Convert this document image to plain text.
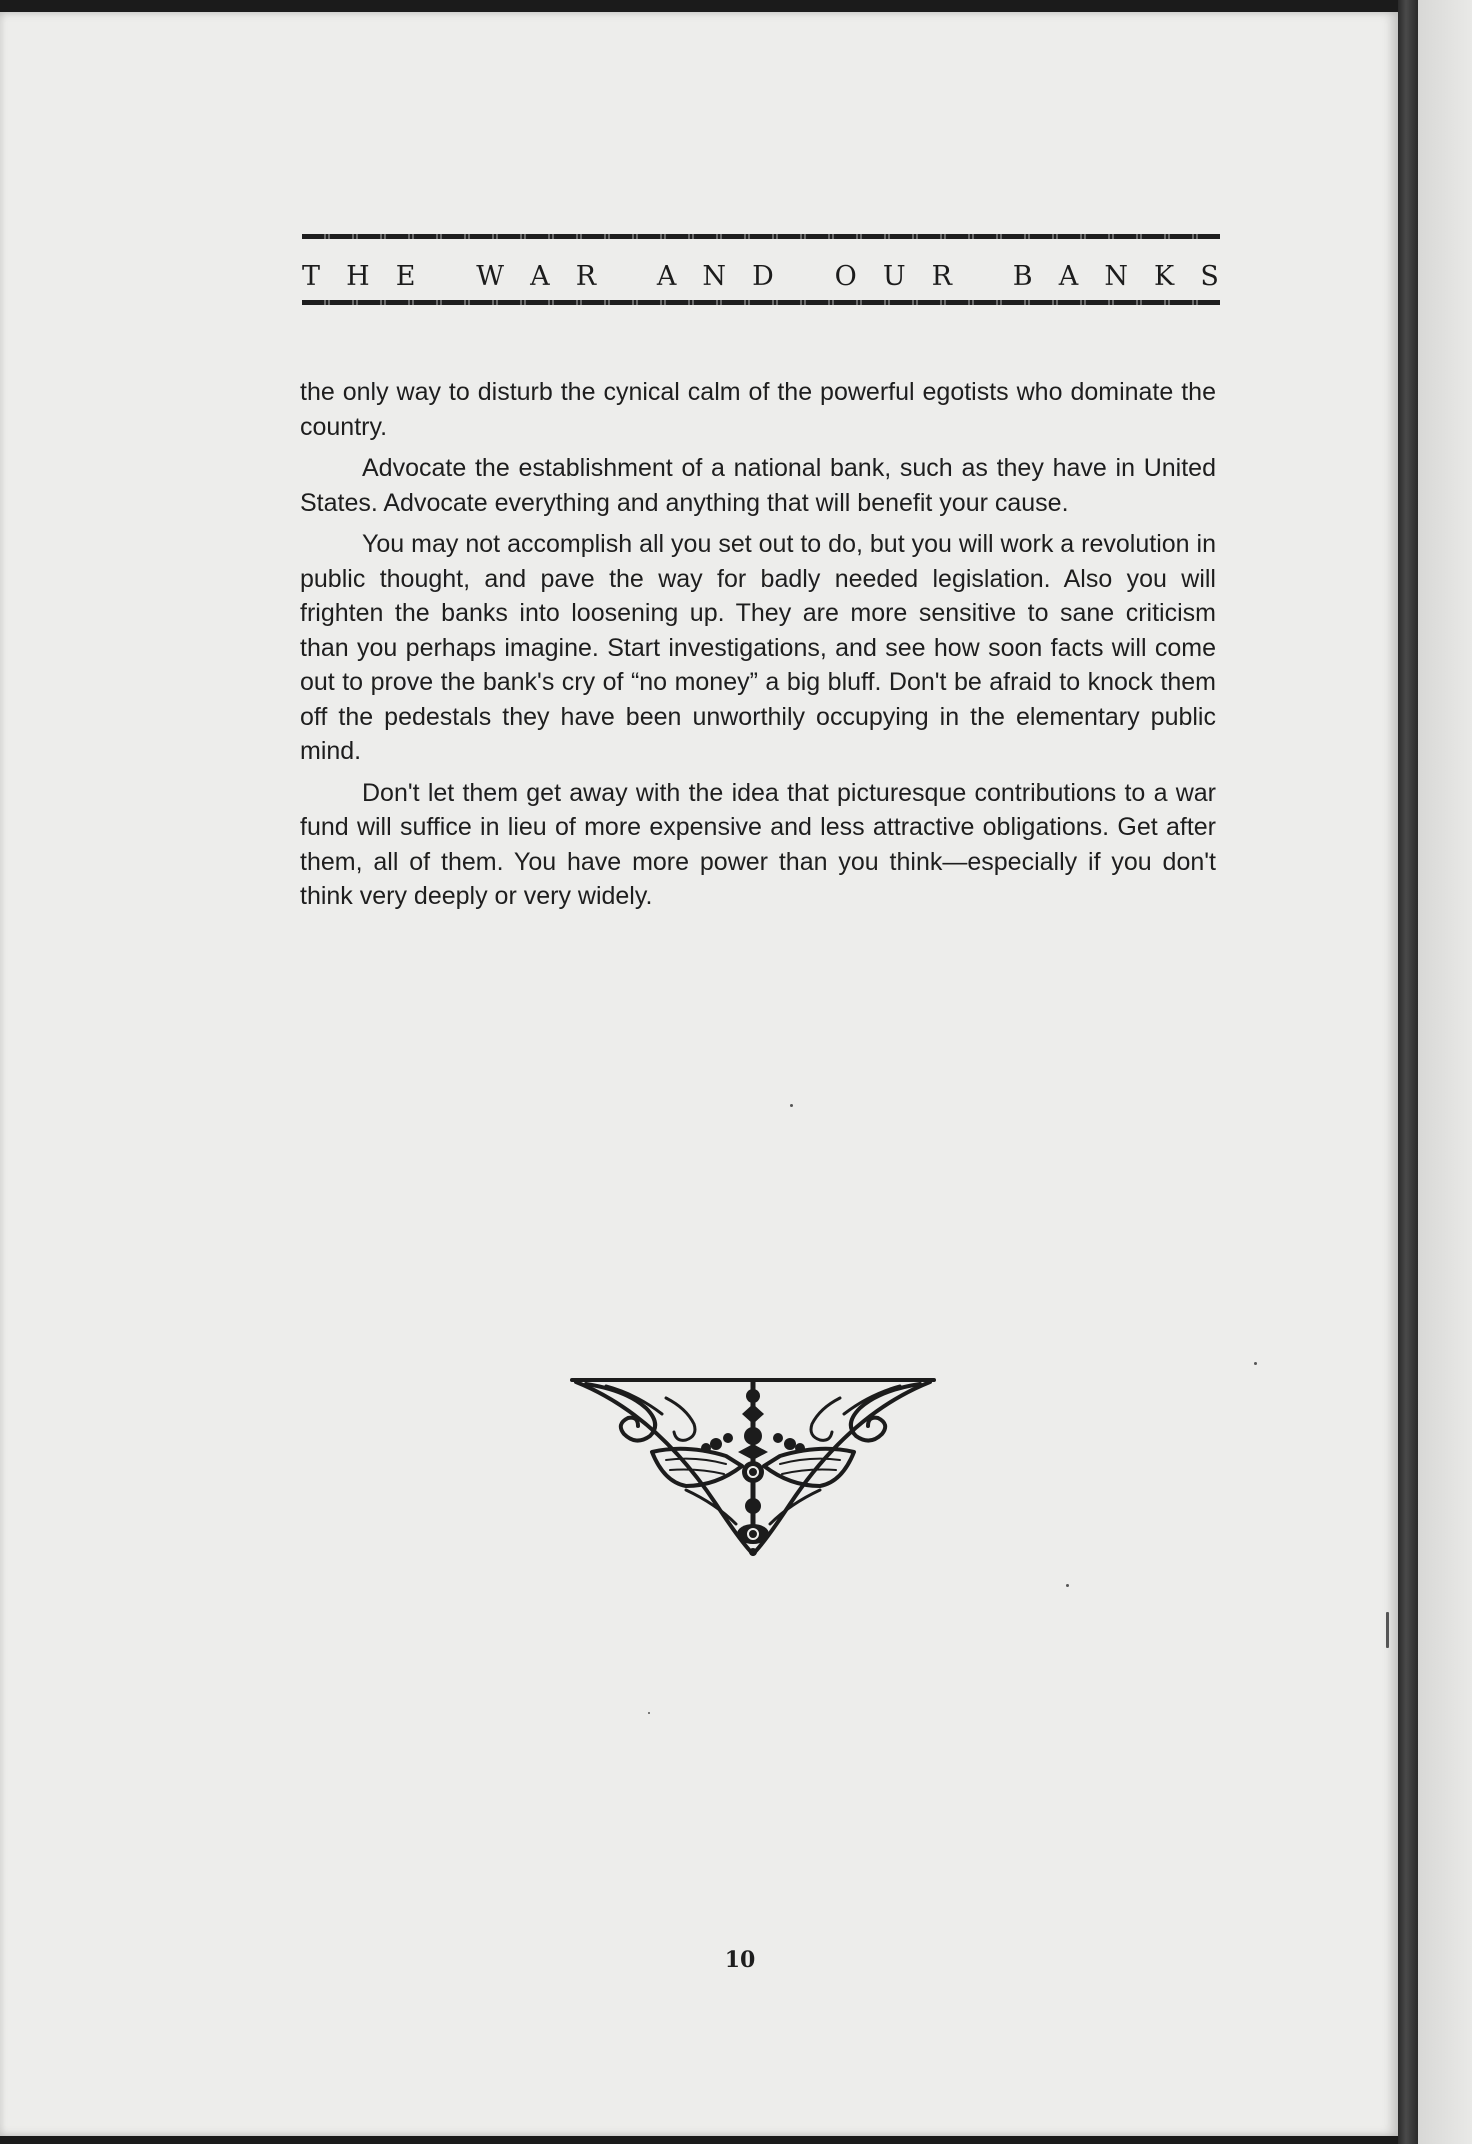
T H E
W A R
A N D
O U R
B A N K S

the only way to disturb the cynical calm of the powerful egotists who dominate the country.

Advocate the establishment of a national bank, such as they have in United States. Advocate everything and anything that will benefit your cause.

You may not accomplish all you set out to do, but you will work a revolution in public thought, and pave the way for badly needed legislation. Also you will frighten the banks into loosening up. They are more sensitive to sane criticism than you perhaps imagine. Start investigations, and see how soon facts will come out to prove the bank's cry of “no money” a big bluff. Don't be afraid to knock them off the pedestals they have been unworthily occupying in the elementary public mind.

Don't let them get away with the idea that picturesque contributions to a war fund will suffice in lieu of more expensive and less attractive obligations. Get after them, all of them. You have more power than you think—especially if you don't think very deeply or very widely.

10
